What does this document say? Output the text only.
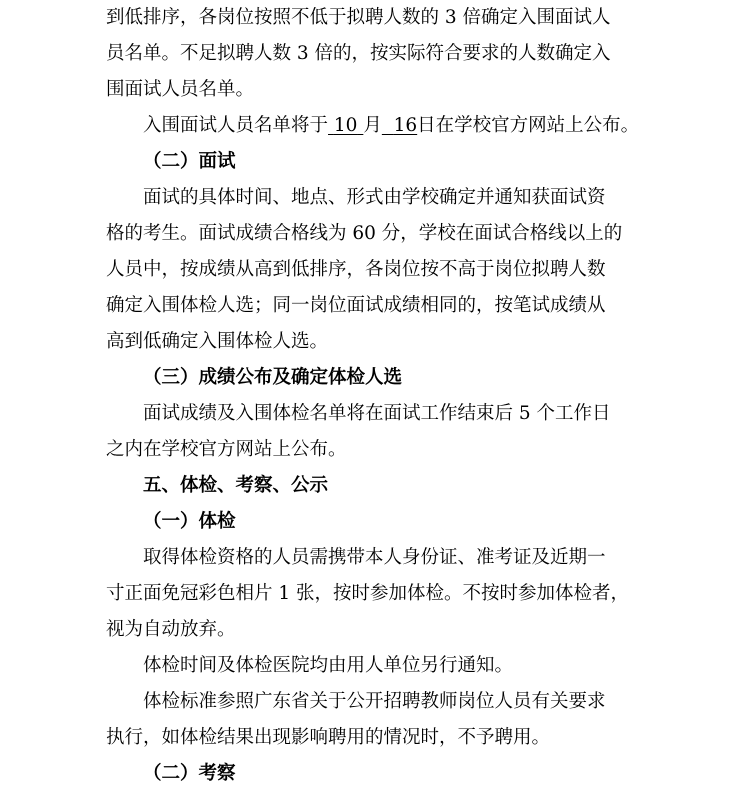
到低排序，各岗位按照不低于拟聘人数的 3 倍确定入围面试人
员名单。不足拟聘人数 3 倍的，按实际符合要求的人数确定入
围面试人员名单。
入围面试人员名单将于 10 月 16日在学校官方网站上公布。
（二）面试
面试的具体时间、地点、形式由学校确定并通知获面试资
格的考生。面试成绩合格线为 60 分，学校在面试合格线以上的
人员中，按成绩从高到低排序，各岗位按不高于岗位拟聘人数
确定入围体检人选；同一岗位面试成绩相同的，按笔试成绩从
高到低确定入围体检人选。
（三）成绩公布及确定体检人选
面试成绩及入围体检名单将在面试工作结束后 5 个工作日
之内在学校官方网站上公布。
五、体检、考察、公示
（一）体检
取得体检资格的人员需携带本人身份证、准考证及近期一
寸正面免冠彩色相片 1 张，按时参加体检。不按时参加体检者，
视为自动放弃。
体检时间及体检医院均由用人单位另行通知。
体检标准参照广东省关于公开招聘教师岗位人员有关要求
执行，如体检结果出现影响聘用的情况时，不予聘用。
（二）考察
